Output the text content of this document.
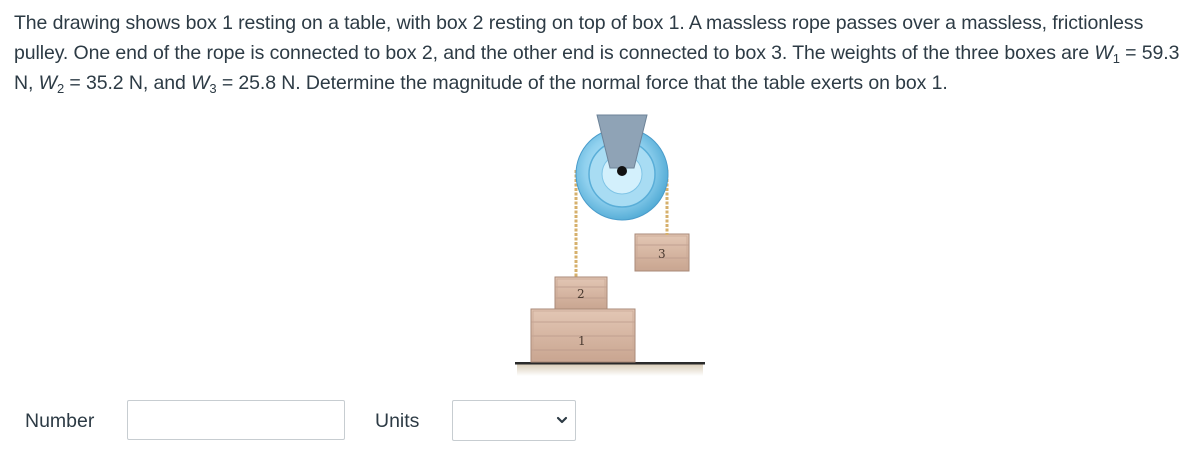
The drawing shows box 1 resting on a table, with box 2 resting on top of box 1. A massless rope passes over a massless, frictionless pulley. One end of the rope is connected to box 2, and the other end is connected to box 3. The weights of the three boxes are $W_1 = 59.3$ N, $W_2 = 35.2$ N, and $W_3 = 25.8$ N. Determine the magnitude of the normal force that the table exerts on box 1.
1
2
3
Number	Units
